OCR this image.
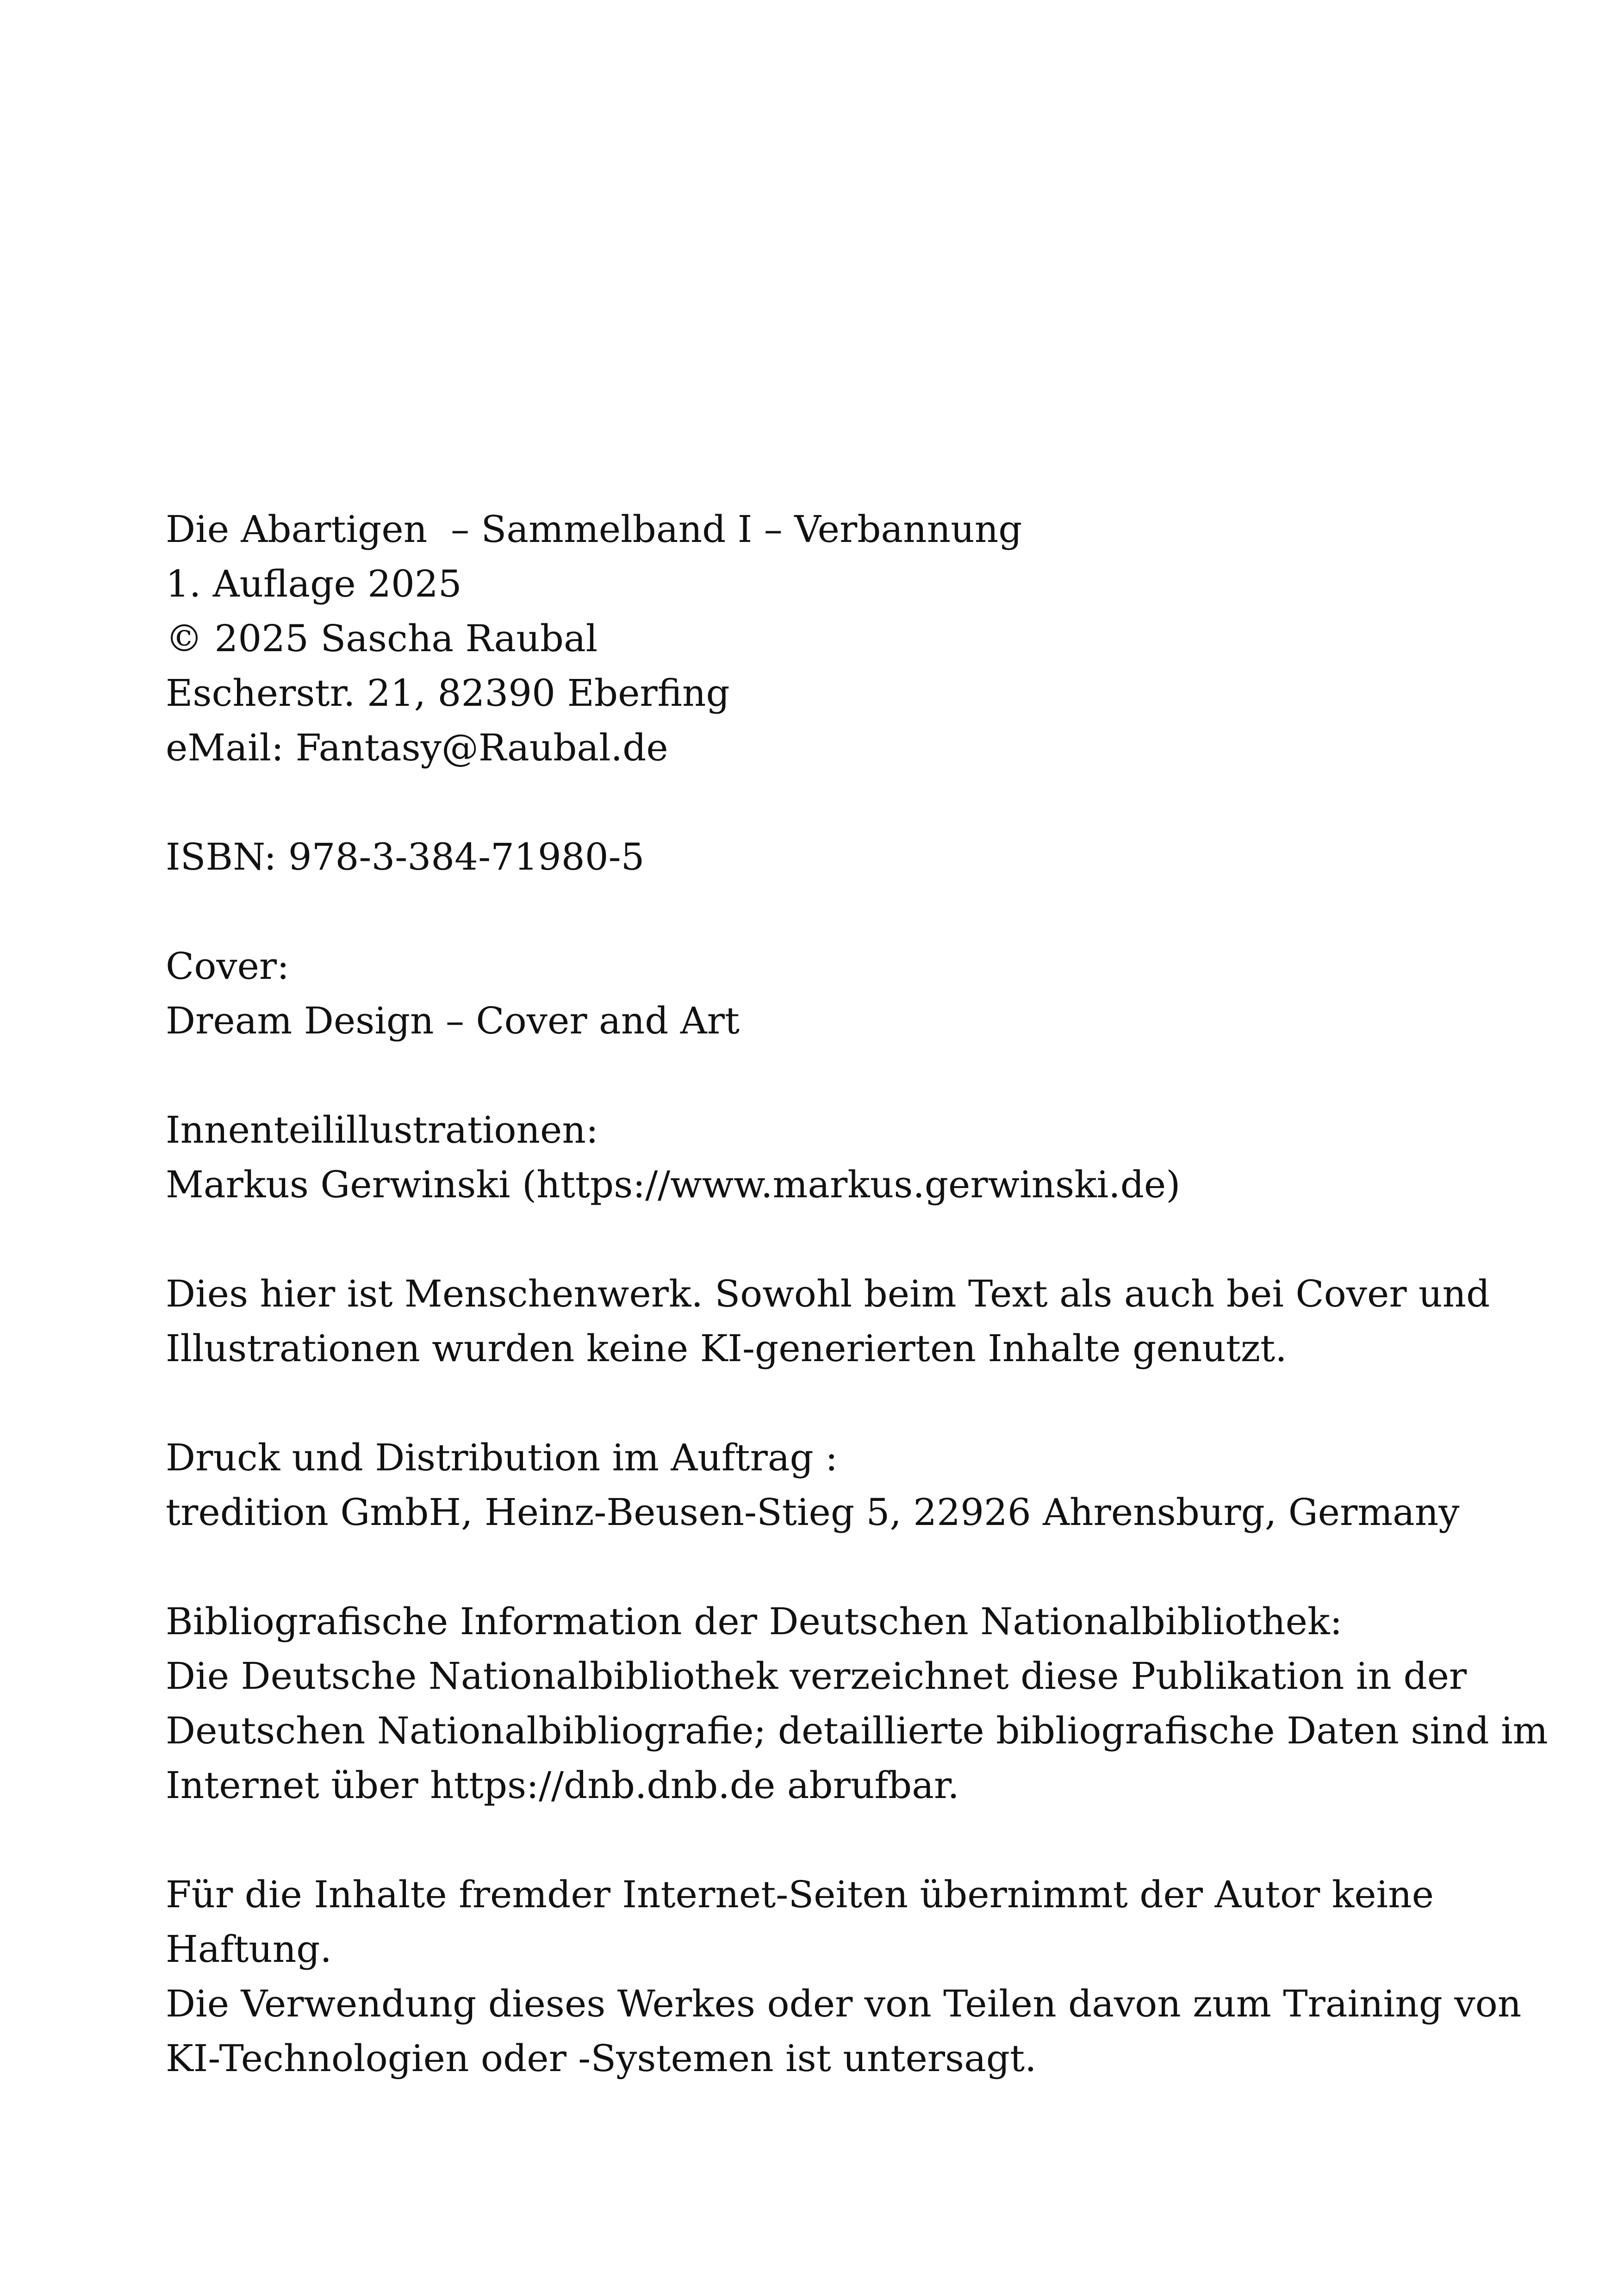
Die Abartigen  – Sammelband I – Verbannung
1. Auflage 2025
© 2025 Sascha Raubal
Escherstr. 21, 82390 Eberfing
eMail: Fantasy@Raubal.de
ISBN: 978-3-384-71980-5
Cover:
Dream Design – Cover and Art
Innenteilillustrationen:
Markus Gerwinski (https://www.markus.gerwinski.de)
Dies hier ist Menschenwerk. Sowohl beim Text als auch bei Cover und
Illustrationen wurden keine KI-generierten Inhalte genutzt.
Druck und Distribution im Auftrag :
tredition GmbH, Heinz-Beusen-Stieg 5, 22926 Ahrensburg, Germany
Bibliografische Information der Deutschen Nationalbibliothek:
Die Deutsche Nationalbibliothek verzeichnet diese Publikation in der
Deutschen Nationalbibliografie; detaillierte bibliografische Daten sind im
Internet über https://dnb.dnb.de abrufbar.
Für die Inhalte fremder Internet-Seiten übernimmt der Autor keine
Haftung.
Die Verwendung dieses Werkes oder von Teilen davon zum Training von
KI-Technologien oder -Systemen ist untersagt.
